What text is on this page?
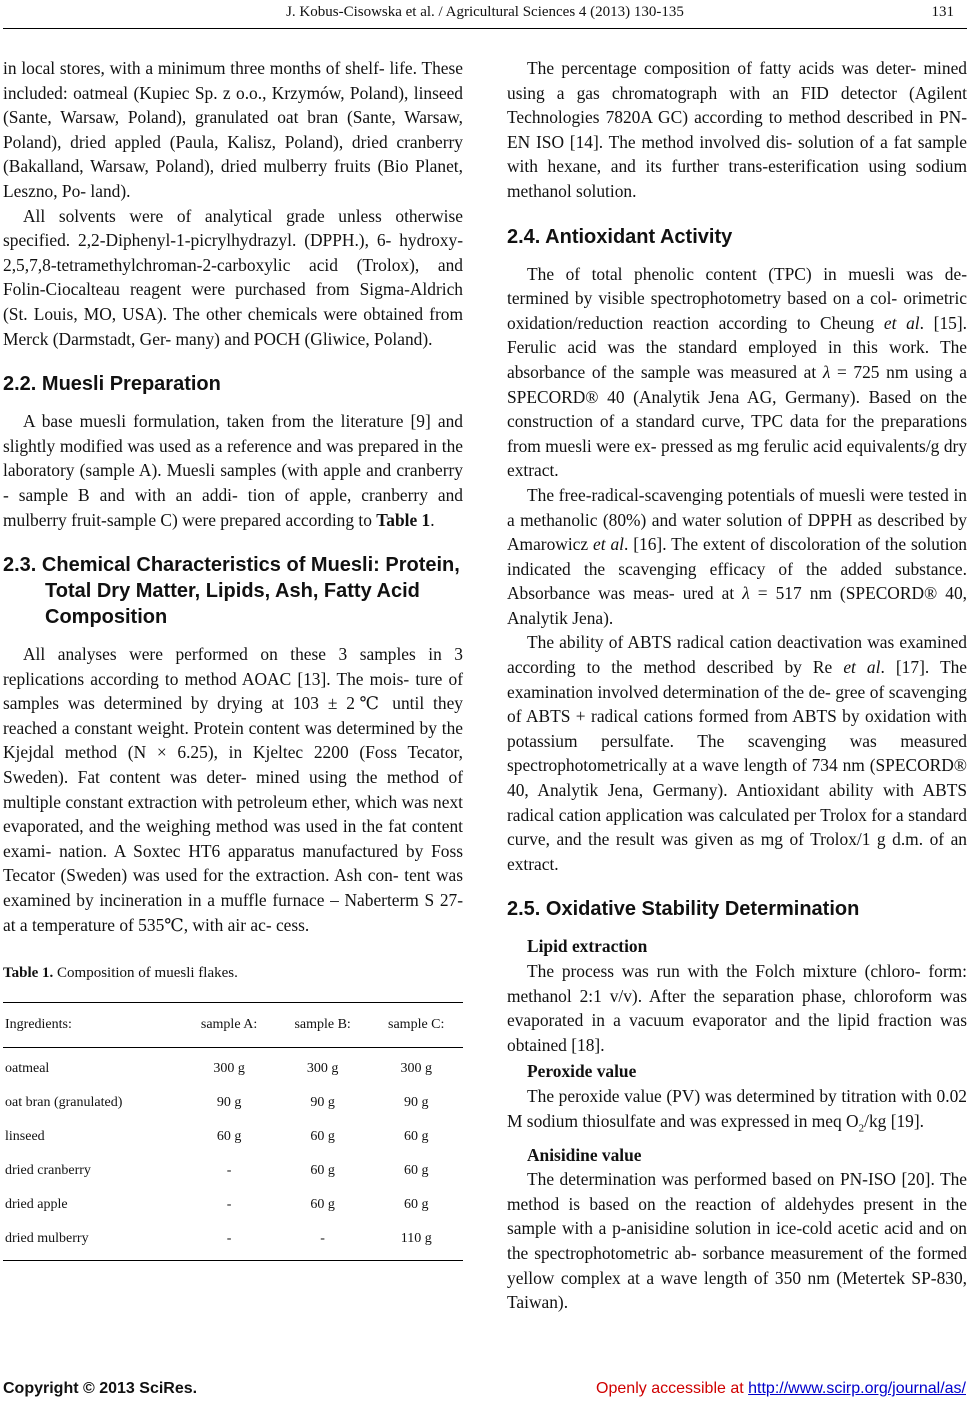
J. Kobus-Cisowska et al. / Agricultural Sciences 4 (2013) 130-135	131

in local stores, with a minimum three months of shelf- life. These included: oatmeal (Kupiec Sp. z o.o., Krzymów, Poland), linseed (Sante, Warsaw, Poland), granulated oat bran (Sante, Warsaw, Poland), dried appled (Paula, Kalisz, Poland), dried cranberry (Bakalland, Warsaw, Poland), dried mulberry fruits (Bio Planet, Leszno, Po- land).

All solvents were of analytical grade unless otherwise specified. 2,2-Diphenyl-1-picrylhydrazyl. (DPPH.), 6- hydroxy-2,5,7,8-tetramethylchroman-2-carboxylic acid (Trolox), and Folin-Ciocalteau reagent were purchased from Sigma-Aldrich (St. Louis, MO, USA). The other chemicals were obtained from Merck (Darmstadt, Ger- many) and POCH (Gliwice, Poland).

2.2. Muesli Preparation

A base muesli formulation, taken from the literature [9] and slightly modified was used as a reference and was prepared in the laboratory (sample A). Muesli samples (with apple and cranberry - sample B and with an addi- tion of apple, cranberry and mulberry fruit-sample C) were prepared according to Table 1.

2.3. Chemical Characteristics of Muesli: Protein, Total Dry Matter, Lipids, Ash, Fatty Acid Composition

All analyses were performed on these 3 samples in 3 replications according to method AOAC [13]. The mois- ture of samples was determined by drying at 103 ± 2℃ until they reached a constant weight. Protein content was determined by the Kjejdal method (N × 6.25), in Kjeltec 2200 (Foss Tecator, Sweden). Fat content was deter- mined using the method of multiple constant extraction with petroleum ether, which was next evaporated, and the weighing method was used in the fat content exami- nation. A Soxtec HT6 apparatus manufactured by Foss Tecator (Sweden) was used for the extraction. Ash con- tent was examined by incineration in a muffle furnace – Naberterm S 27- at a temperature of 535℃, with air ac- cess.

Table 1. Composition of muesli flakes.
Ingredients:	sample A:	sample B:	sample C:
oatmeal	300 g	300 g	300 g
oat bran (granulated)	90 g	90 g	90 g
linseed	60 g	60 g	60 g
dried cranberry	-	60 g	60 g
dried apple	-	60 g	60 g
dried mulberry	-	-	110 g

The percentage composition of fatty acids was deter- mined using a gas chromatograph with an FID detector (Agilent Technologies 7820A GC) according to method described in PN-EN ISO [14]. The method involved dis- solution of a fat sample with hexane, and its further trans-esterification using sodium methanol solution.

2.4. Antioxidant Activity

The of total phenolic content (TPC) in muesli was de- termined by visible spectrophotometry based on a col- orimetric oxidation/reduction reaction according to Cheung et al. [15]. Ferulic acid was the standard employed in this work. The absorbance of the sample was measured at λ = 725 nm using a SPECORD® 40 (Analytik Jena AG, Germany). Based on the construction of a standard curve, TPC data for the preparations from muesli were ex- pressed as mg ferulic acid equivalents/g dry extract.

The free-radical-scavenging potentials of muesli were tested in a methanolic (80%) and water solution of DPPH as described by Amarowicz et al. [16]. The extent of discoloration of the solution indicated the scavenging efficacy of the added substance. Absorbance was meas- ured at λ = 517 nm (SPECORD® 40, Analytik Jena).

The ability of ABTS radical cation deactivation was examined according to the method described by Re et al. [17]. The examination involved determination of the de- gree of scavenging of ABTS + radical cations formed from ABTS by oxidation with potassium persulfate. The scavenging was measured spectrophotometrically at a wave length of 734 nm (SPECORD® 40, Analytik Jena, Germany). Antioxidant ability with ABTS radical cation application was calculated per Trolox for a standard curve, and the result was given as mg of Trolox/1 g d.m. of an extract.

2.5. Oxidative Stability Determination
Lipid extraction

The process was run with the Folch mixture (chloro- form: methanol 2:1 v/v). After the separation phase, chloroform was evaporated in a vacuum evaporator and the lipid fraction was obtained [18].

Peroxide value

The peroxide value (PV) was determined by titration with 0.02 M sodium thiosulfate and was expressed in meq $O_2/kg$ [19].

Anisidine value

The determination was performed based on PN-ISO [20]. The method is based on the reaction of aldehydes present in the sample with a p-anisidine solution in ice-cold acetic acid and on the spectrophotometric ab- sorbance measurement of the formed yellow complex at a wave length of 350 nm (Metertek SP-830, Taiwan).

Copyright © 2013 SciRes.	Openly accessible at http://www.scirp.org/journal/as/
